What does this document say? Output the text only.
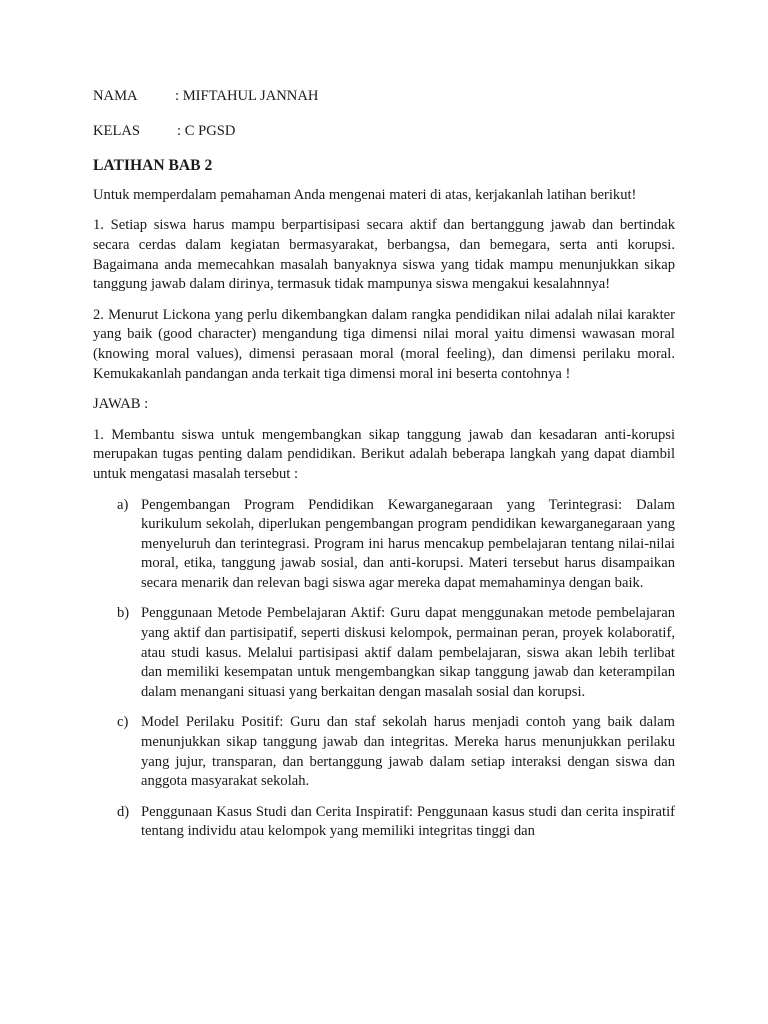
NAMA	: MIFTAHUL JANNAH
KELAS	: C PGSD
LATIHAN BAB 2

Untuk memperdalam pemahaman Anda mengenai materi di atas, kerjakanlah latihan berikut!

1. Setiap siswa harus mampu berpartisipasi secara aktif dan bertanggung jawab dan bertindak secara cerdas dalam kegiatan bermasyarakat, berbangsa, dan bemegara, serta anti korupsi. Bagaimana anda memecahkan masalah banyaknya siswa yang tidak mampu menunjukkan sikap tanggung jawab dalam dirinya, termasuk tidak mampunya siswa mengakui kesalahnnya!

2. Menurut Lickona yang perlu dikembangkan dalam rangka pendidikan nilai adalah nilai karakter yang baik (good character) mengandung tiga dimensi nilai moral yaitu dimensi wawasan moral (knowing moral values), dimensi perasaan moral (moral feeling), dan dimensi perilaku moral. Kemukakanlah pandangan anda terkait tiga dimensi moral ini beserta contohnya !

JAWAB :

1. Membantu siswa untuk mengembangkan sikap tanggung jawab dan kesadaran anti-korupsi merupakan tugas penting dalam pendidikan. Berikut adalah beberapa langkah yang dapat diambil untuk mengatasi masalah tersebut :

a) Pengembangan Program Pendidikan Kewarganegaraan yang Terintegrasi: Dalam kurikulum sekolah, diperlukan pengembangan program pendidikan kewarganegaraan yang menyeluruh dan terintegrasi. Program ini harus mencakup pembelajaran tentang nilai-nilai moral, etika, tanggung jawab sosial, dan anti-korupsi. Materi tersebut harus disampaikan secara menarik dan relevan bagi siswa agar mereka dapat memahaminya dengan baik.
b) Penggunaan Metode Pembelajaran Aktif: Guru dapat menggunakan metode pembelajaran yang aktif dan partisipatif, seperti diskusi kelompok, permainan peran, proyek kolaboratif, atau studi kasus. Melalui partisipasi aktif dalam pembelajaran, siswa akan lebih terlibat dan memiliki kesempatan untuk mengembangkan sikap tanggung jawab dan keterampilan dalam menangani situasi yang berkaitan dengan masalah sosial dan korupsi.
c) Model Perilaku Positif: Guru dan staf sekolah harus menjadi contoh yang baik dalam menunjukkan sikap tanggung jawab dan integritas. Mereka harus menunjukkan perilaku yang jujur, transparan, dan bertanggung jawab dalam setiap interaksi dengan siswa dan anggota masyarakat sekolah.
d) Penggunaan Kasus Studi dan Cerita Inspiratif: Penggunaan kasus studi dan cerita inspiratif tentang individu atau kelompok yang memiliki integritas tinggi dan
